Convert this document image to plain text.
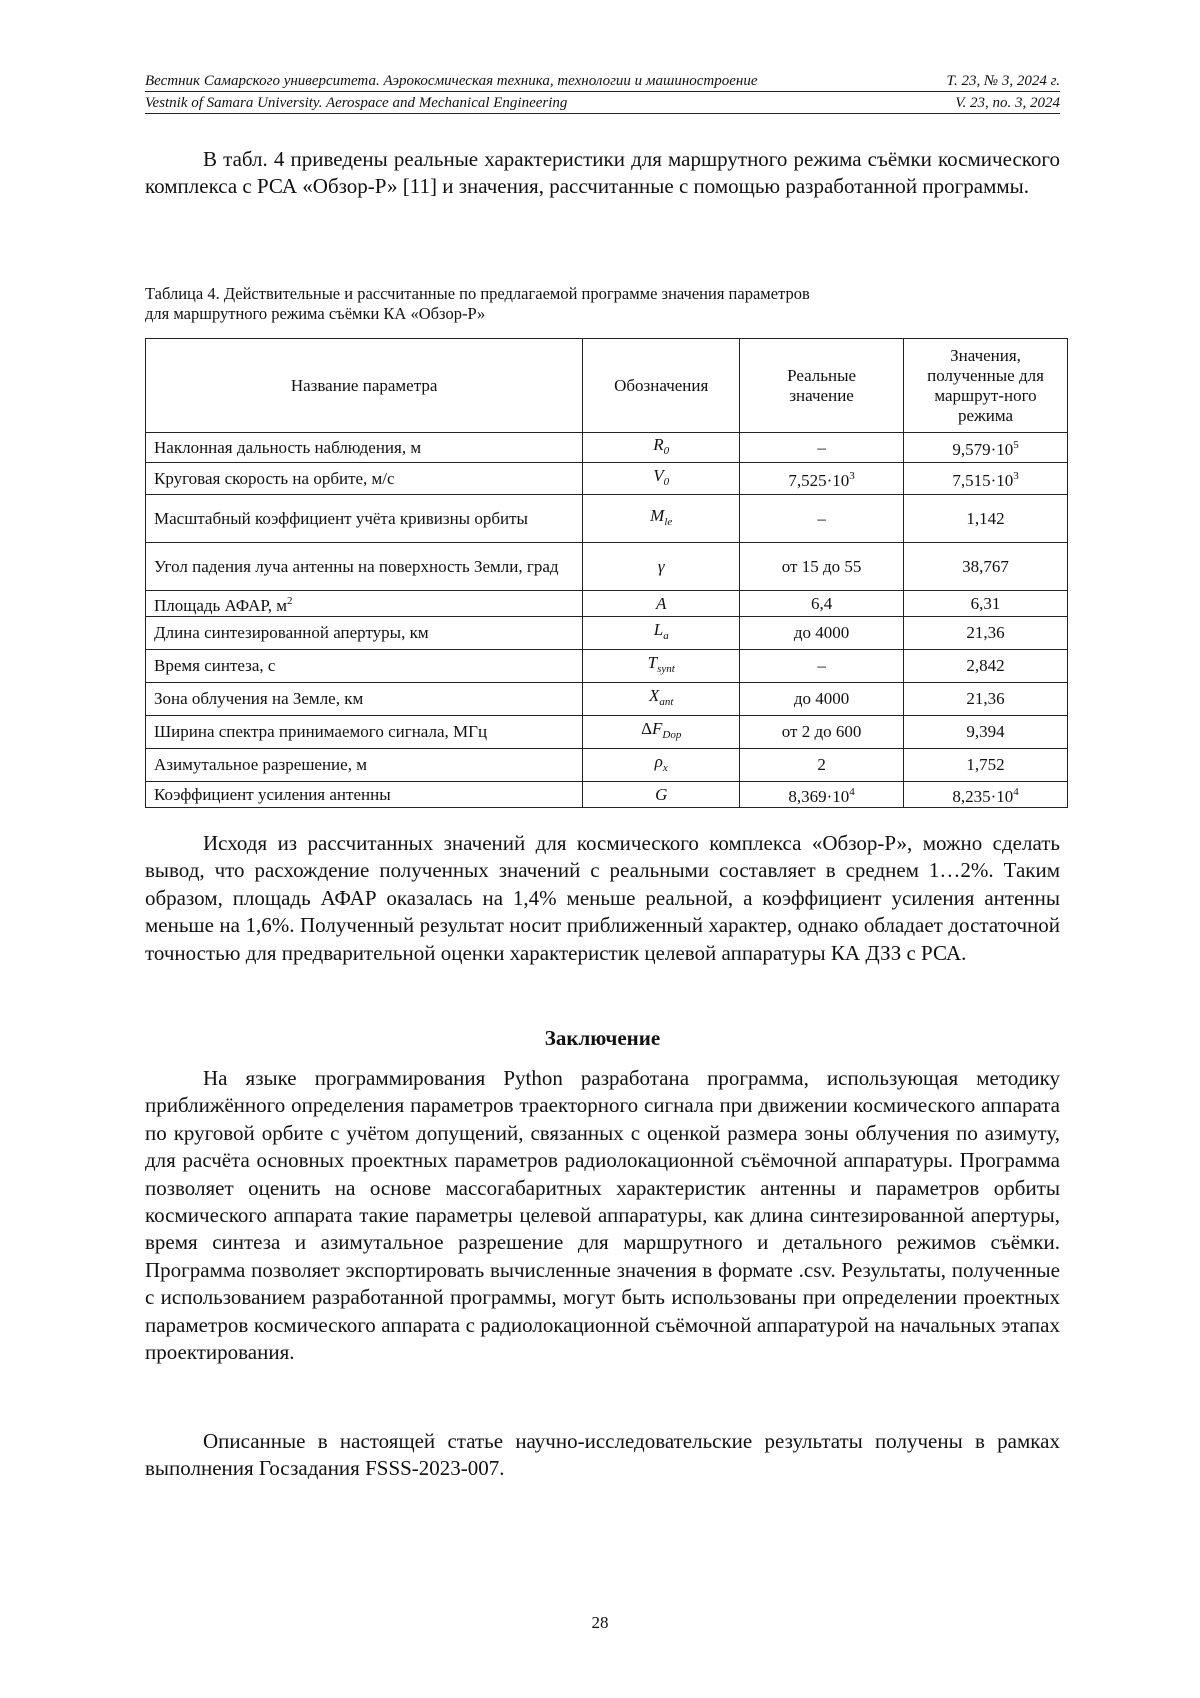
Вестник Самарского университета. Аэрокосмическая техника, технологии и машиностроение	Т. 23, № 3, 2024 г.
Vestnik of Samara University. Aerospace and Mechanical Engineering	V. 23, no. 3, 2024

В табл. 4 приведены реальные характеристики для маршрутного режима съёмки космического комплекса с РСА «Обзор-Р» [11] и значения, рассчитанные с помощью разработанной программы.

Таблица 4. Действительные и рассчитанные по предлагаемой программе значения параметров
для маршрутного режима съёмки КА «Обзор-Р»
Название параметра	Обозначения	Реальные значение	Значения, полученные для маршрут-ного режима

Наклонная дальность наблюдения, м	$R_0$	–	$9,579\cdot 10^5$
Круговая скорость на орбите, м/с	$V_0$	$7,525\cdot 10^3$	$7,515\cdot 10^3$
Масштабный коэффициент учёта кривизны орбиты	$M_{le}$	–	1,142
Угол падения луча антенны на поверхность Земли, град	γ	от 15 до 55	38,767
Площадь АФАР, $м^2$	A	6,4	6,31
Длина синтезированной апертуры, км	$L_a$	до 4000	21,36
Время синтеза, с	$T_{synt}$	–	2,842
Зона облучения на Земле, км	$X_{ant}$	до 4000	21,36
Ширина спектра принимаемого сигнала, МГц	$\Delta F_{Dop}$	от 2 до 600	9,394
Азимутальное разрешение, м	$\rho_x$	2	1,752
Коэффициент усиления антенны	G	$8,369\cdot 10^4$	$8,235\cdot 10^4$

Исходя из рассчитанных значений для космического комплекса «Обзор-Р», можно сделать вывод, что расхождение полученных значений с реальными составляет в среднем 1…2%. Таким образом, площадь АФАР оказалась на 1,4% меньше реальной, а коэффициент усиления антенны меньше на 1,6%. Полученный результат носит приближенный характер, однако обладает достаточной точностью для предварительной оценки характеристик целевой аппаратуры КА ДЗЗ с РСА.

Заключение

На языке программирования Python разработана программа, использующая методику приближённого определения параметров траекторного сигнала при движении космического аппарата по круговой орбите с учётом допущений, связанных с оценкой размера зоны облучения по азимуту, для расчёта основных проектных параметров радиолокационной съёмочной аппаратуры. Программа позволяет оценить на основе массогабаритных характеристик антенны и параметров орбиты космического аппарата такие параметры целевой аппаратуры, как длина синтезированной апертуры, время синтеза и азимутальное разрешение для маршрутного и детального режимов съёмки. Программа позволяет экспортировать вычисленные значения в формате .csv. Результаты, полученные с использованием разработанной программы, могут быть использованы при определении проектных параметров космического аппарата с радиолокационной съёмочной аппаратурой на начальных этапах проектирования.

Описанные в настоящей статье научно-исследовательские результаты получены в рамках выполнения Госзадания FSSS-2023-007.

28
